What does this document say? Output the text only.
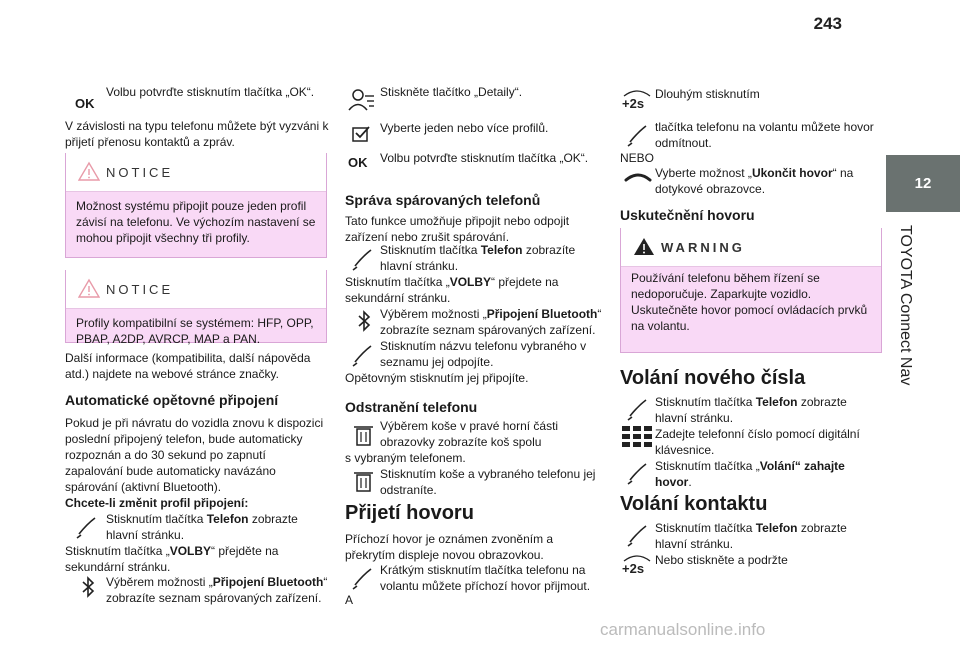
243
12
TOYOTA Connect Nav
OK
Volbu potvrďte stisknutím tlačítka „OK“.
V závislosti na typu telefonu můžete být vyzváni k přijetí přenosu kontaktů a zpráv.
NOTICE
Možnost systému připojit pouze jeden profil závisí na telefonu. Ve výchozím nastavení se mohou připojit všechny tři profily.
NOTICE
Profily kompatibilní se systémem: HFP, OPP, PBAP, A2DP, AVRCP, MAP a PAN.
Další informace (kompatibilita, další nápověda atd.) najdete na webové stránce značky.
Automatické opětovné připojení
Pokud je při návratu do vozidla znovu k dispozici poslední připojený telefon, bude automaticky rozpoznán a do 30 sekund po zapnutí zapalování bude automaticky navázáno spárování (aktivní Bluetooth).
Chcete-li změnit profil připojení:
Stisknutím tlačítka Telefon zobrazte hlavní stránku.
Stisknutím tlačítka „VOLBY“ přejděte na sekundární stránku.
Výběrem možnosti „Připojení Bluetooth“ zobrazíte seznam spárovaných zařízení.
Stiskněte tlačítko „Detaily“.
Vyberte jeden nebo více profilů.
OK Volbu potvrďte stisknutím tlačítka „OK“.
Správa spárovaných telefonů
Tato funkce umožňuje připojit nebo odpojit zařízení nebo zrušit spárování.
Stisknutím tlačítka Telefon zobrazíte hlavní stránku.
Stisknutím tlačítka „VOLBY“ přejdete na sekundární stránku.
Výběrem možnosti „Připojení Bluetooth“ zobrazíte seznam spárovaných zařízení.
Stisknutím názvu telefonu vybraného v seznamu jej odpojíte.
Opětovným stisknutím jej připojíte.
Odstranění telefonu
Výběrem koše v pravé horní části obrazovky zobrazíte koš spolu
s vybraným telefonem.
Stisknutím koše a vybraného telefonu jej odstraníte.
Přijetí hovoru
Příchozí hovor je oznámen zvoněním a překrytím displeje novou obrazovkou.
Krátkým stisknutím tlačítka telefonu na volantu můžete příchozí hovor přijmout.
A
+2s
Dlouhým stisknutím
tlačítka telefonu na volantu můžete hovor odmítnout.
NEBO
Vyberte možnost „Ukončit hovor“ na dotykové obrazovce.
Uskutečnění hovoru
WARNING
Používání telefonu během řízení se nedoporučuje. Zaparkujte vozidlo. Uskutečněte hovor pomocí ovládacích prvků na volantu.
Volání nového čísla
Stisknutím tlačítka Telefon zobrazte hlavní stránku.
Zadejte telefonní číslo pomocí digitální klávesnice.
Stisknutím tlačítka „Volání“ zahajte hovor.
Volání kontaktu
Stisknutím tlačítka Telefon zobrazte hlavní stránku.
+2s
Nebo stiskněte a podržte
carmanualsonline.info
